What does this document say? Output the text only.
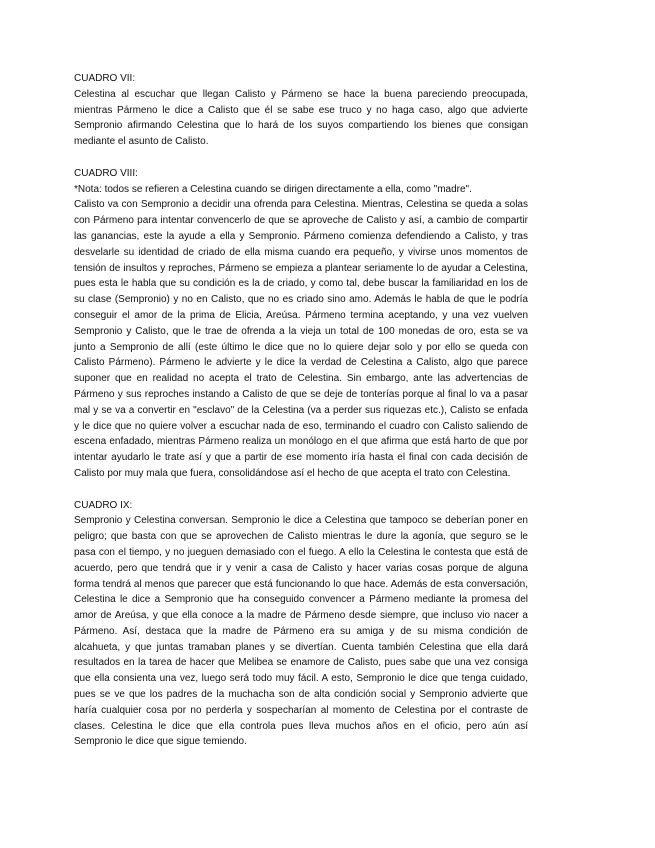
CUADRO VII:

Celestina al escuchar que llegan Calisto y Pármeno se hace la buena pareciendo preocupada, mientras Pármeno le dice a Calisto que él se sabe ese truco y no haga caso, algo que advierte Sempronio afirmando Celestina que lo hará de los suyos compartiendo los bienes que consigan mediante el asunto de Calisto.

CUADRO VIII:

*Nota: todos se refieren a Celestina cuando se dirigen directamente a ella, como "madre".

Calisto va con Sempronio a decidir una ofrenda para Celestina. Mientras, Celestina se queda a solas con Pármeno para intentar convencerlo de que se aproveche de Calisto y así, a cambio de compartir las ganancias, este la ayude a ella y Sempronio. Pármeno comienza defendiendo a Calisto, y tras desvelarle su identidad de criado de ella misma cuando era pequeño, y vivirse unos momentos de tensión de insultos y reproches, Pármeno se empieza a plantear seriamente lo de ayudar a Celestina, pues esta le habla que su condición es la de criado, y como tal, debe buscar la familiaridad en los de su clase (Sempronio) y no en Calisto, que no es criado sino amo. Además le habla de que le podría conseguir el amor de la prima de Elicia, Areúsa. Pármeno termina aceptando, y una vez vuelven Sempronio y Calisto, que le trae de ofrenda a la vieja un total de 100 monedas de oro, esta se va junto a Sempronio de allí (este último le dice que no lo quiere dejar solo y por ello se queda con Calisto Pármeno). Pármeno le advierte y le dice la verdad de Celestina a Calisto, algo que parece suponer que en realidad no acepta el trato de Celestina. Sin embargo, ante las advertencias de Pármeno y sus reproches instando a Calisto de que se deje de tonterías porque al final lo va a pasar mal y se va a convertir en "esclavo" de la Celestina (va a perder sus riquezas etc.), Calisto se enfada y le dice que no quiere volver a escuchar nada de eso, terminando el cuadro con Calisto saliendo de escena enfadado, mientras Pármeno realiza un monólogo en el que afirma que está harto de que por intentar ayudarlo le trate así y que a partir de ese momento iría hasta el final con cada decisión de Calisto por muy mala que fuera, consolidándose así el hecho de que acepta el trato con Celestina.

CUADRO IX:

Sempronio y Celestina conversan. Sempronio le dice a Celestina que tampoco se deberían poner en peligro; que basta con que se aprovechen de Calisto mientras le dure la agonía, que seguro se le pasa con el tiempo, y no jueguen demasiado con el fuego. A ello la Celestina le contesta que está de acuerdo, pero que tendrá que ir y venir a casa de Calisto y hacer varias cosas porque de alguna forma tendrá al menos que parecer que está funcionando lo que hace. Además de esta conversación, Celestina le dice a Sempronio que ha conseguido convencer a Pármeno mediante la promesa del amor de Areúsa, y que ella conoce a la madre de Pármeno desde siempre, que incluso vio nacer a Pármeno. Así, destaca que la madre de Pármeno era su amiga y de su misma condición de alcahueta, y que juntas tramaban planes y se divertían. Cuenta también Celestina que ella dará resultados en la tarea de hacer que Melibea se enamore de Calisto, pues sabe que una vez consiga que ella consienta una vez, luego será todo muy fácil. A esto, Sempronio le dice que tenga cuidado, pues se ve que los padres de la muchacha son de alta condición social y Sempronio advierte que haría cualquier cosa por no perderla y sospecharían al momento de Celestina por el contraste de clases. Celestina le dice que ella controla pues lleva muchos años en el oficio, pero aún así Sempronio le dice que sigue temiendo.
